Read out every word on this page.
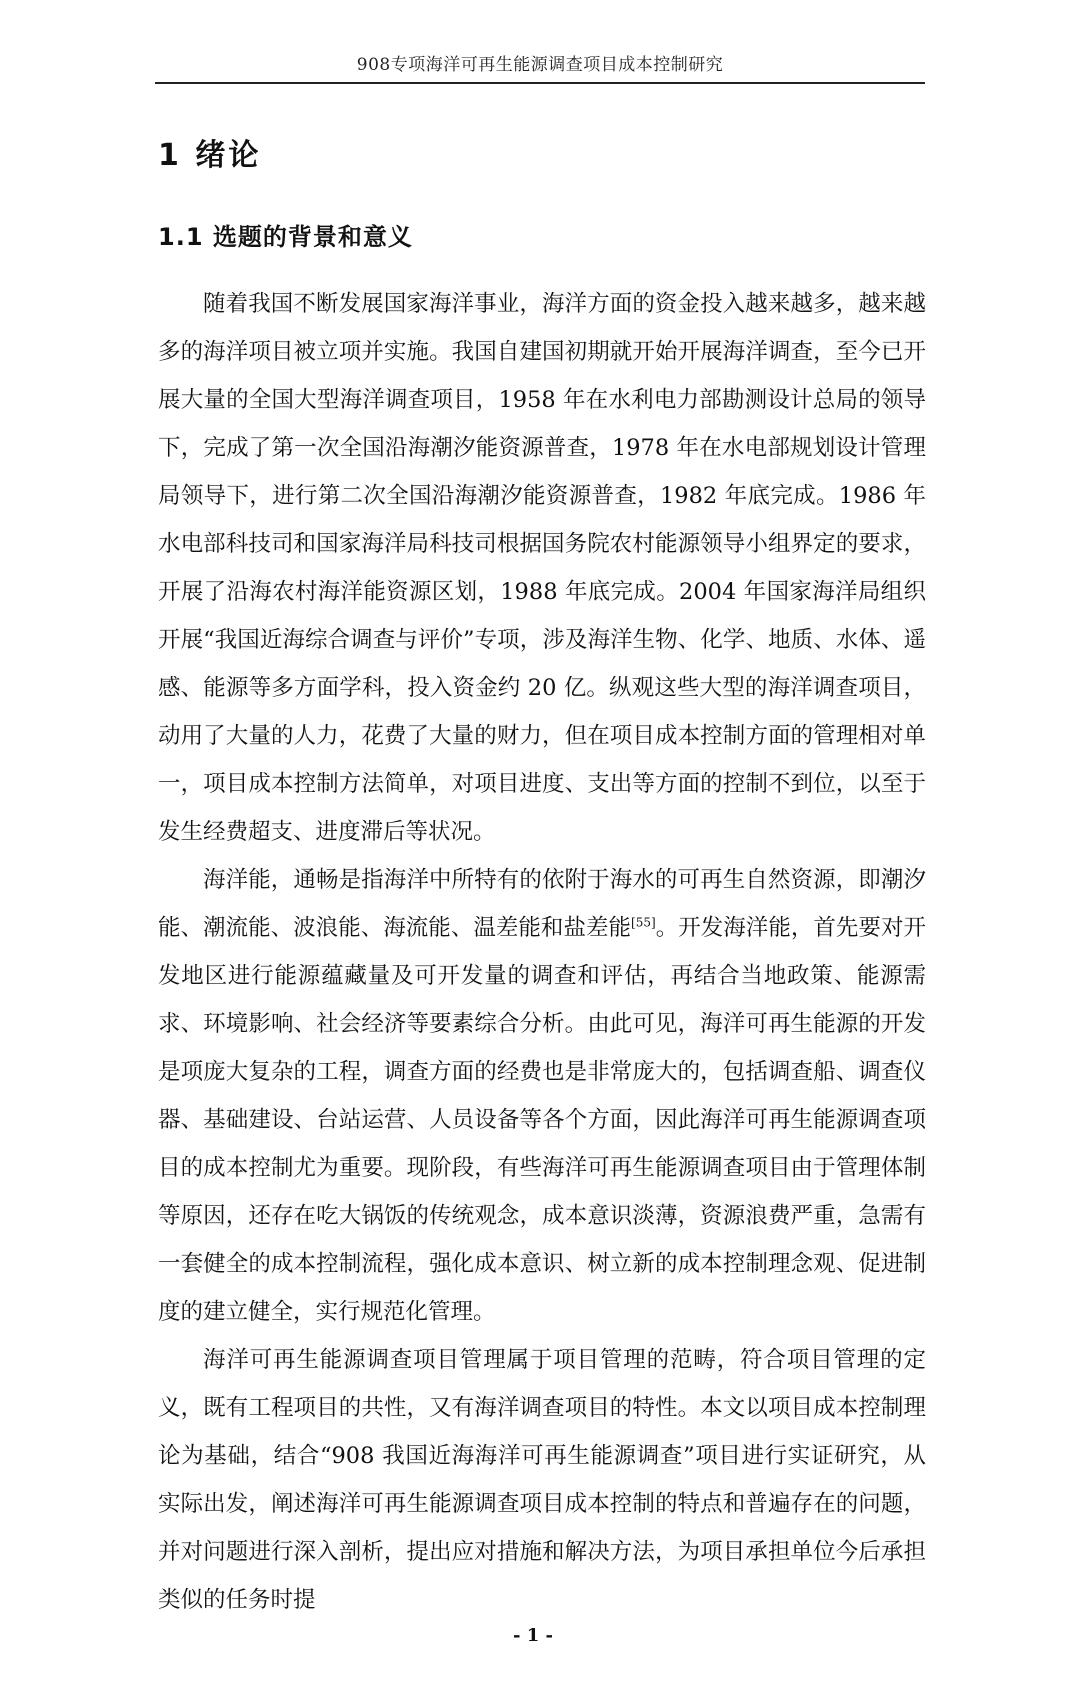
908专项海洋可再生能源调查项目成本控制研究
1 绪论
1.1 选题的背景和意义

随着我国不断发展国家海洋事业，海洋方面的资金投入越来越多，越来越多的海洋项目被立项并实施。我国自建国初期就开始开展海洋调查，至今已开展大量的全国大型海洋调查项目，1958 年在水利电力部勘测设计总局的领导下，完成了第一次全国沿海潮汐能资源普查，1978 年在水电部规划设计管理局领导下，进行第二次全国沿海潮汐能资源普查，1982 年底完成。1986 年水电部科技司和国家海洋局科技司根据国务院农村能源领导小组界定的要求，开展了沿海农村海洋能资源区划，1988 年底完成。2004 年国家海洋局组织开展“我国近海综合调查与评价”专项，涉及海洋生物、化学、地质、水体、遥感、能源等多方面学科，投入资金约 20 亿。纵观这些大型的海洋调查项目，动用了大量的人力，花费了大量的财力，但在项目成本控制方面的管理相对单一，项目成本控制方法简单，对项目进度、支出等方面的控制不到位，以至于发生经费超支、进度滞后等状况。

海洋能，通畅是指海洋中所特有的依附于海水的可再生自然资源，即潮汐能、潮流能、波浪能、海流能、温差能和盐差能[55]。开发海洋能，首先要对开发地区进行能源蕴藏量及可开发量的调查和评估，再结合当地政策、能源需求、环境影响、社会经济等要素综合分析。由此可见，海洋可再生能源的开发是项庞大复杂的工程，调查方面的经费也是非常庞大的，包括调查船、调查仪器、基础建设、台站运营、人员设备等各个方面，因此海洋可再生能源调查项目的成本控制尤为重要。现阶段，有些海洋可再生能源调查项目由于管理体制等原因，还存在吃大锅饭的传统观念，成本意识淡薄，资源浪费严重，急需有一套健全的成本控制流程，强化成本意识、树立新的成本控制理念观、促进制度的建立健全，实行规范化管理。

海洋可再生能源调查项目管理属于项目管理的范畴，符合项目管理的定义，既有工程项目的共性，又有海洋调查项目的特性。本文以项目成本控制理论为基础，结合“908 我国近海海洋可再生能源调查”项目进行实证研究，从实际出发，阐述海洋可再生能源调查项目成本控制的特点和普遍存在的问题，并对问题进行深入剖析，提出应对措施和解决方法，为项目承担单位今后承担类似的任务时提

- 1 -
